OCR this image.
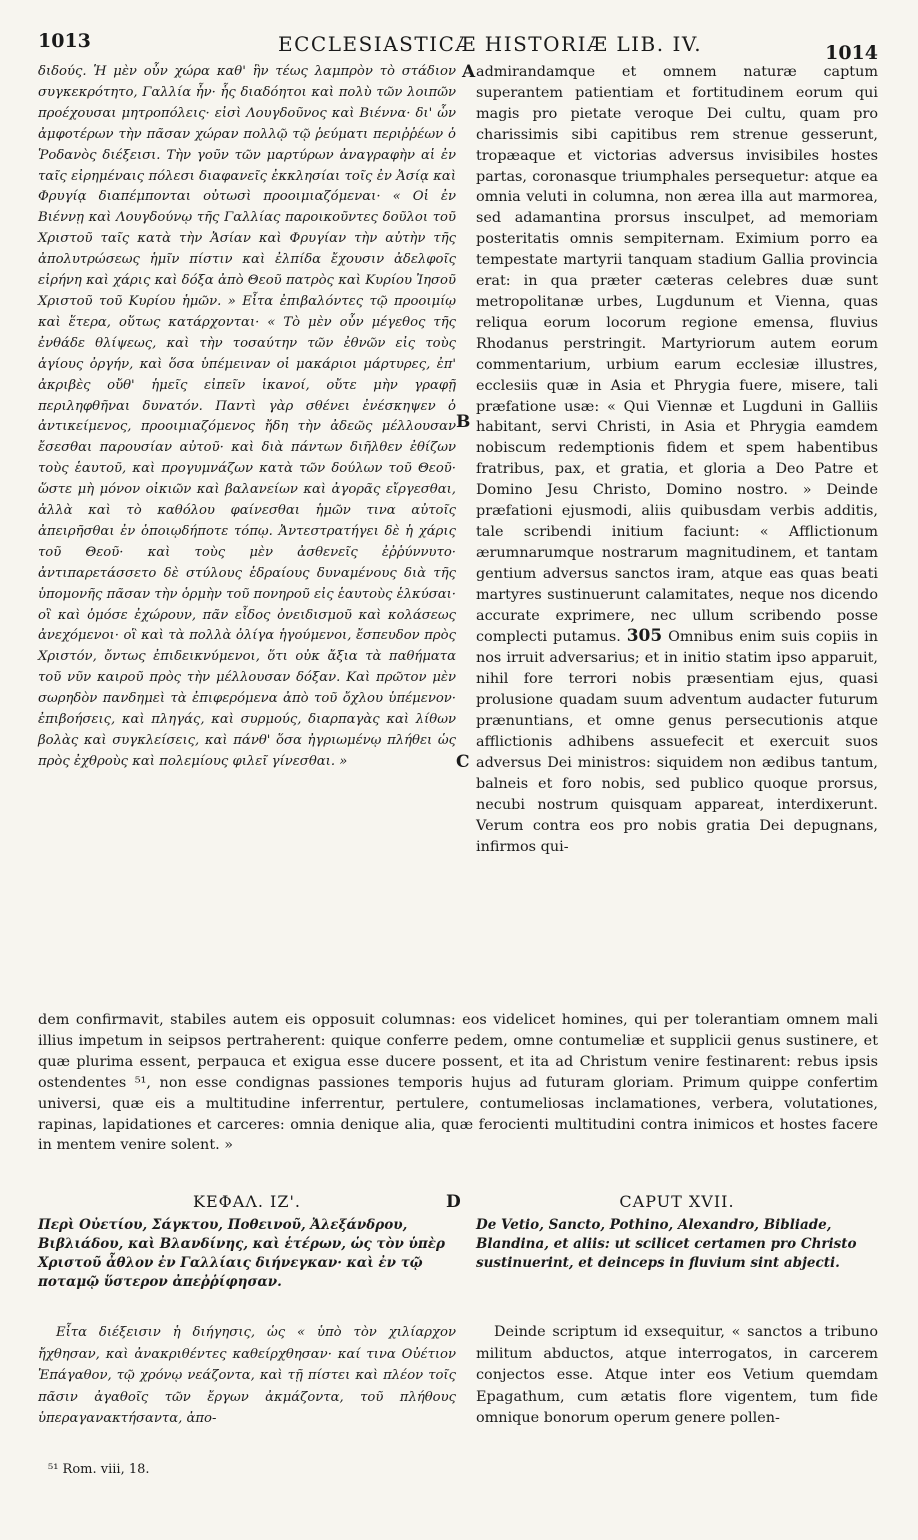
1013	ECCLESIASTICÆ HISTORIÆ LIB. IV.	1014

διδούς. Ἡ μὲν οὖν χώρα καθ' ἣν τέως λαμπρὸν τὸ στάδιον συγκεκρότητο, Γαλλία ἦν· ἧς διαδόητοι καὶ πολὺ τῶν λοιπῶν προέχουσαι μητροπόλεις· εἰσὶ Λουγδοῦνος καὶ Βιέννα· δι' ὧν ἀμφοτέρων τὴν πᾶσαν χώραν πολλῷ τῷ ῥεύματι περιῤῥέων ὁ Ῥοδανὸς διέξεισι. Τὴν γοῦν τῶν μαρτύρων ἀναγραφὴν αἱ ἐν ταῖς εἰρημέναις πόλεσι διαφανεῖς ἐκκλησίαι τοῖς ἐν Ἀσίᾳ καὶ Φρυγίᾳ διαπέμπονται οὐτωσὶ προοιμιαζόμεναι· « Οἱ ἐν Βιέννῃ καὶ Λουγδούνῳ τῆς Γαλλίας παροικοῦντες δοῦλοι τοῦ Χριστοῦ ταῖς κατὰ τὴν Ἀσίαν καὶ Φρυγίαν τὴν αὐτὴν τῆς ἀπολυτρώσεως ἡμῖν πίστιν καὶ ἐλπίδα ἔχουσιν ἀδελφοῖς εἰρήνη καὶ χάρις καὶ δόξα ἀπὸ Θεοῦ πατρὸς καὶ Κυρίου Ἰησοῦ Χριστοῦ τοῦ Κυρίου ἡμῶν. » Εἶτα ἐπιβαλόντες τῷ προοιμίῳ καὶ ἕτερα, οὕτως κατάρχονται· « Τὸ μὲν οὖν μέγεθος τῆς ἐνθάδε θλίψεως, καὶ τὴν τοσαύτην τῶν ἐθνῶν εἰς τοὺς ἁγίους ὀργήν, καὶ ὅσα ὑπέμειναν οἱ μακάριοι μάρτυρες, ἐπ' ἀκριβὲς οὔθ' ἡμεῖς εἰπεῖν ἱκανοί, οὔτε μὴν γραφῇ περιληφθῆναι δυνατόν. Παντὶ γὰρ σθένει ἐνέσκηψεν ὁ ἀντικείμενος, προοιμιαζόμενος ἤδη τὴν ἀδεῶς μέλλουσαν ἔσεσθαι παρουσίαν αὐτοῦ· καὶ διὰ πάντων διῆλθεν ἐθίζων τοὺς ἑαυτοῦ, καὶ προγυμνάζων κατὰ τῶν δούλων τοῦ Θεοῦ· ὥστε μὴ μόνον οἰκιῶν καὶ βαλανείων καὶ ἀγορᾶς εἴργεσθαι, ἀλλὰ καὶ τὸ καθόλου φαίνεσθαι ἡμῶν τινα αὐτοῖς ἀπειρῆσθαι ἐν ὁποιῳδήποτε τόπῳ. Ἀντεστρατήγει δὲ ἡ χάρις τοῦ Θεοῦ· καὶ τοὺς μὲν ἀσθενεῖς ἐῤῥύννυτο· ἀντιπαρετάσσετο δὲ στύλους ἑδραίους δυναμένους διὰ τῆς ὑπομονῆς πᾶσαν τὴν ὁρμὴν τοῦ πονηροῦ εἰς ἑαυτοὺς ἑλκύσαι· οἳ καὶ ὁμόσε ἐχώρουν, πᾶν εἶδος ὀνειδισμοῦ καὶ κολάσεως ἀνεχόμενοι· οἳ καὶ τὰ πολλὰ ὀλίγα ἡγούμενοι, ἔσπευδον πρὸς Χριστόν, ὄντως ἐπιδεικνύμενοι, ὅτι οὐκ ἄξια τὰ παθήματα τοῦ νῦν καιροῦ πρὸς τὴν μέλλουσαν δόξαν. Καὶ πρῶτον μὲν σωρηδὸν πανδημεὶ τὰ ἐπιφερόμενα ἀπὸ τοῦ ὄχλου ὑπέμενον· ἐπιβοήσεις, καὶ πληγάς, καὶ συρμούς, διαρπαγὰς καὶ λίθων βολὰς καὶ συγκλείσεις, καὶ πάνθ' ὅσα ἠγριωμένῳ πλήθει ὡς πρὸς ἐχθροὺς καὶ πολεμίους φιλεῖ γίνεσθαι. »

A
B
C
D

admirandamque et omnem naturæ captum superantem patientiam et fortitudinem eorum qui magis pro pietate veroque Dei cultu, quam pro charissimis sibi capitibus rem strenue gesserunt, tropæaque et victorias adversus invisibiles hostes partas, coronasque triumphales persequetur: atque ea omnia veluti in columna, non ærea illa aut marmorea, sed adamantina prorsus insculpet, ad memoriam posteritatis omnis sempiternam. Eximium porro ea tempestate martyrii tanquam stadium Gallia provincia erat: in qua præter cæteras celebres duæ sunt metropolitanæ urbes, Lugdunum et Vienna, quas reliqua eorum locorum regione emensa, fluvius Rhodanus perstringit. Martyriorum autem eorum commentarium, urbium earum ecclesiæ illustres, ecclesiis quæ in Asia et Phrygia fuere, misere, tali præfatione usæ: « Qui Viennæ et Lugduni in Galliis habitant, servi Christi, in Asia et Phrygia eamdem nobiscum redemptionis fidem et spem habentibus fratribus, pax, et gratia, et gloria a Deo Patre et Domino Jesu Christo, Domino nostro. » Deinde præfationi ejusmodi, aliis quibusdam verbis additis, tale scribendi initium faciunt: « Afflictionum ærumnarumque nostrarum magnitudinem, et tantam gentium adversus sanctos iram, atque eas quas beati martyres sustinuerunt calamitates, neque nos dicendo accurate exprimere, nec ullum scribendo posse complecti putamus. 305 Omnibus enim suis copiis in nos irruit adversarius; et in initio statim ipso apparuit, nihil fore terrori nobis præsentiam ejus, quasi prolusione quadam suum adventum audacter futurum prænuntians, et omne genus persecutionis atque afflictionis adhibens assuefecit et exercuit suos adversus Dei ministros: siquidem non ædibus tantum, balneis et foro nobis, sed publico quoque prorsus, necubi nostrum quisquam appareat, interdixerunt. Verum contra eos pro nobis gratia Dei depugnans, infirmos qui-

dem confirmavit, stabiles autem eis opposuit columnas: eos videlicet homines, qui per tolerantiam omnem mali illius impetum in seipsos pertraherent: quique conferre pedem, omne contumeliæ et supplicii genus sustinere, et quæ plurima essent, perpauca et exigua esse ducere possent, et ita ad Christum venire festinarent: rebus ipsis ostendentes ⁵¹, non esse condignas passiones temporis hujus ad futuram gloriam. Primum quippe confertim universi, quæ eis a multitudine inferrentur, pertulere, contumeliosas inclamationes, verbera, volutationes, rapinas, lapidationes et carceres: omnia denique alia, quæ ferocienti multitudini contra inimicos et hostes facere in mentem venire solent. »

ΚΕΦΑΛ. ΙΖ'.	CAPUT XVII.
Περὶ Οὐετίου, Σάγκτου, Ποθεινοῦ, Ἀλεξάνδρου, Βιβλιάδου, καὶ Βλανδίνης, καὶ ἑτέρων, ὡς τὸν ὑπὲρ Χριστοῦ ἆθλον ἐν Γαλλίαις διήνεγκαν· καὶ ἐν τῷ ποταμῷ ὕστερον ἀπεῤῥίφησαν.
De Vetio, Sancto, Pothino, Alexandro, Bibliade, Blandina, et aliis: ut scilicet certamen pro Christo sustinuerint, et deinceps in fluvium sint abjecti.

Εἶτα διέξεισιν ἡ διήγησις, ὡς « ὑπὸ τὸν χιλίαρχον ἤχθησαν, καὶ ἀνακριθέντες καθείρχθησαν· καί τινα Οὐέτιον Ἐπάγαθον, τῷ χρόνῳ νεάζοντα, καὶ τῇ πίστει καὶ πλέον τοῖς πᾶσιν ἀγαθοῖς τῶν ἔργων ἀκμάζοντα, τοῦ πλήθους ὑπεραγανακτήσαντα, ἀπο-

Deinde scriptum id exsequitur, « sanctos a tribuno militum abductos, atque interrogatos, in carcerem conjectos esse. Atque inter eos Vetium quemdam Epagathum, cum ætatis flore vigentem, tum fide omnique bonorum operum genere pollen-

⁵¹ Rom. viii, 18.
